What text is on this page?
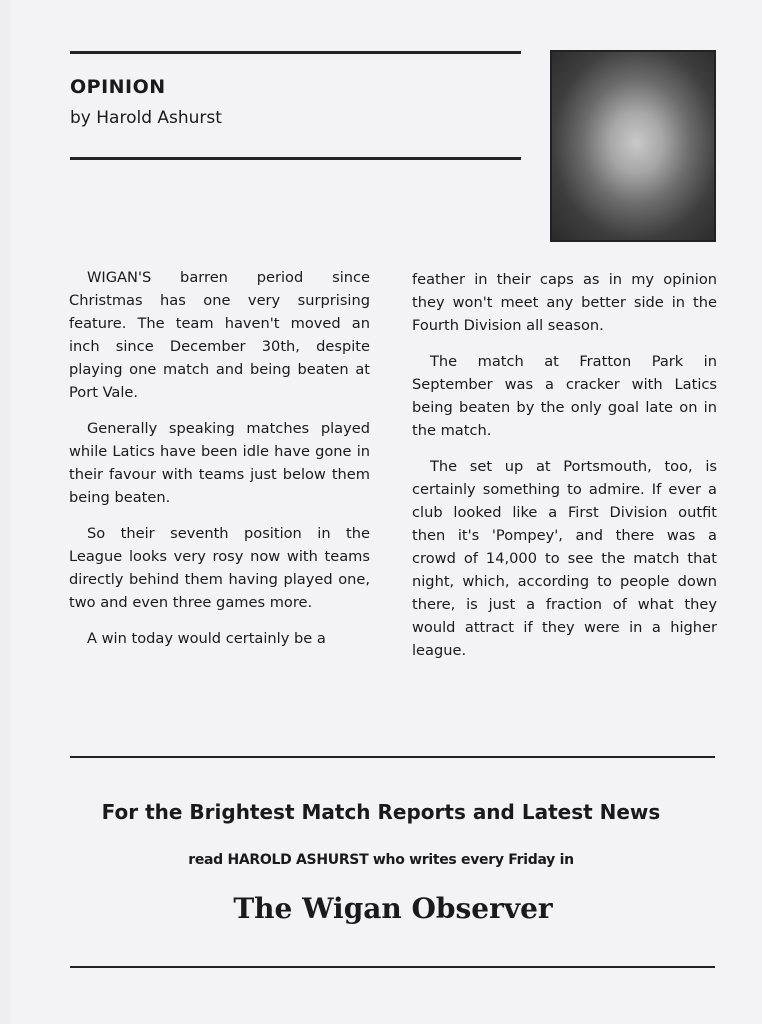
OPINION
by Harold Ashurst

WIGAN'S barren period since Christmas has one very surprising feature. The team haven't moved an inch since December 30th, despite playing one match and being beaten at Port Vale.

Generally speaking matches played while Latics have been idle have gone in their favour with teams just below them being beaten.

So their seventh position in the League looks very rosy now with teams directly behind them having played one, two and even three games more.

A win today would certainly be a

feather in their caps as in my opinion they won't meet any better side in the Fourth Division all season.

The match at Fratton Park in September was a cracker with Latics being beaten by the only goal late on in the match.

The set up at Portsmouth, too, is certainly something to admire. If ever a club looked like a First Division outfit then it's 'Pompey', and there was a crowd of 14,000 to see the match that night, which, according to people down there, is just a fraction of what they would attract if they were in a higher league.

For the Brightest Match Reports and Latest News
read HAROLD ASHURST who writes every Friday in
The Wigan Observer
